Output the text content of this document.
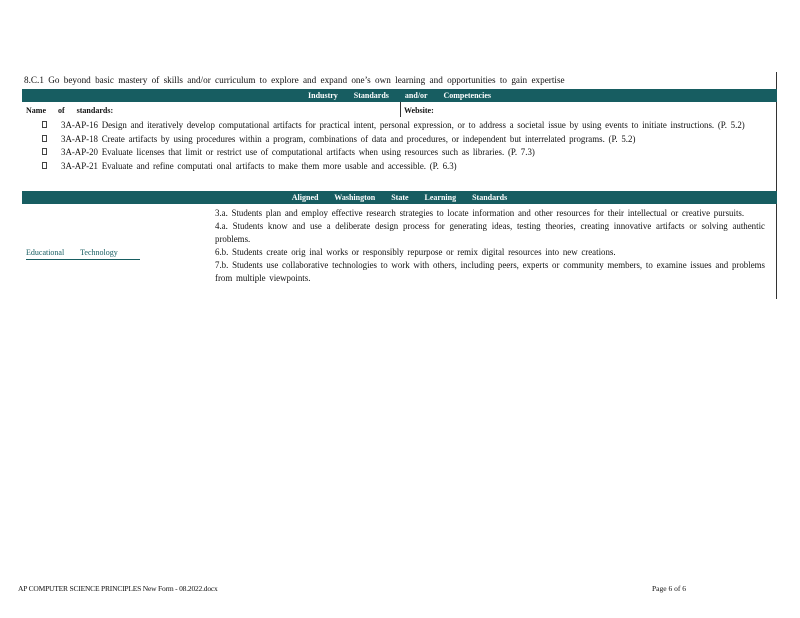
8.C.1 Go beyond basic mastery of skills and/or curriculum to explore and expand one’s own learning and opportunities to gain expertise
Industry Standards and/or Competencies
Name of standards:	Website:
3A-AP-16 Design and iteratively develop computational artifacts for practical intent, personal expression, or to address a societal issue by using events to initiate instructions. (P. 5.2)
3A-AP-18 Create artifacts by using procedures within a program, combinations of data and procedures, or independent but interrelated programs. (P. 5.2)
3A-AP-20 Evaluate licenses that limit or restrict use of computational artifacts when using resources such as libraries. (P. 7.3)
3A-AP-21 Evaluate and refine computati onal artifacts to make them more usable and accessible. (P. 6.3)
Aligned Washington State Learning Standards
Educational Technology
3.a. Students plan and employ effective research strategies to locate information and other resources for their intellectual or creative pursuits.
4.a. Students know and use a deliberate design process for generating ideas, testing theories, creating innovative artifacts or solving authentic problems.
6.b. Students create orig inal works or responsibly repurpose or remix digital resources into new creations.
7.b. Students use collaborative technologies to work with others, including peers, experts or community members, to examine issues and problems from multiple viewpoints.
AP COMPUTER SCIENCE PRINCIPLES New Form - 08.2022.docx	Page 6 of 6
